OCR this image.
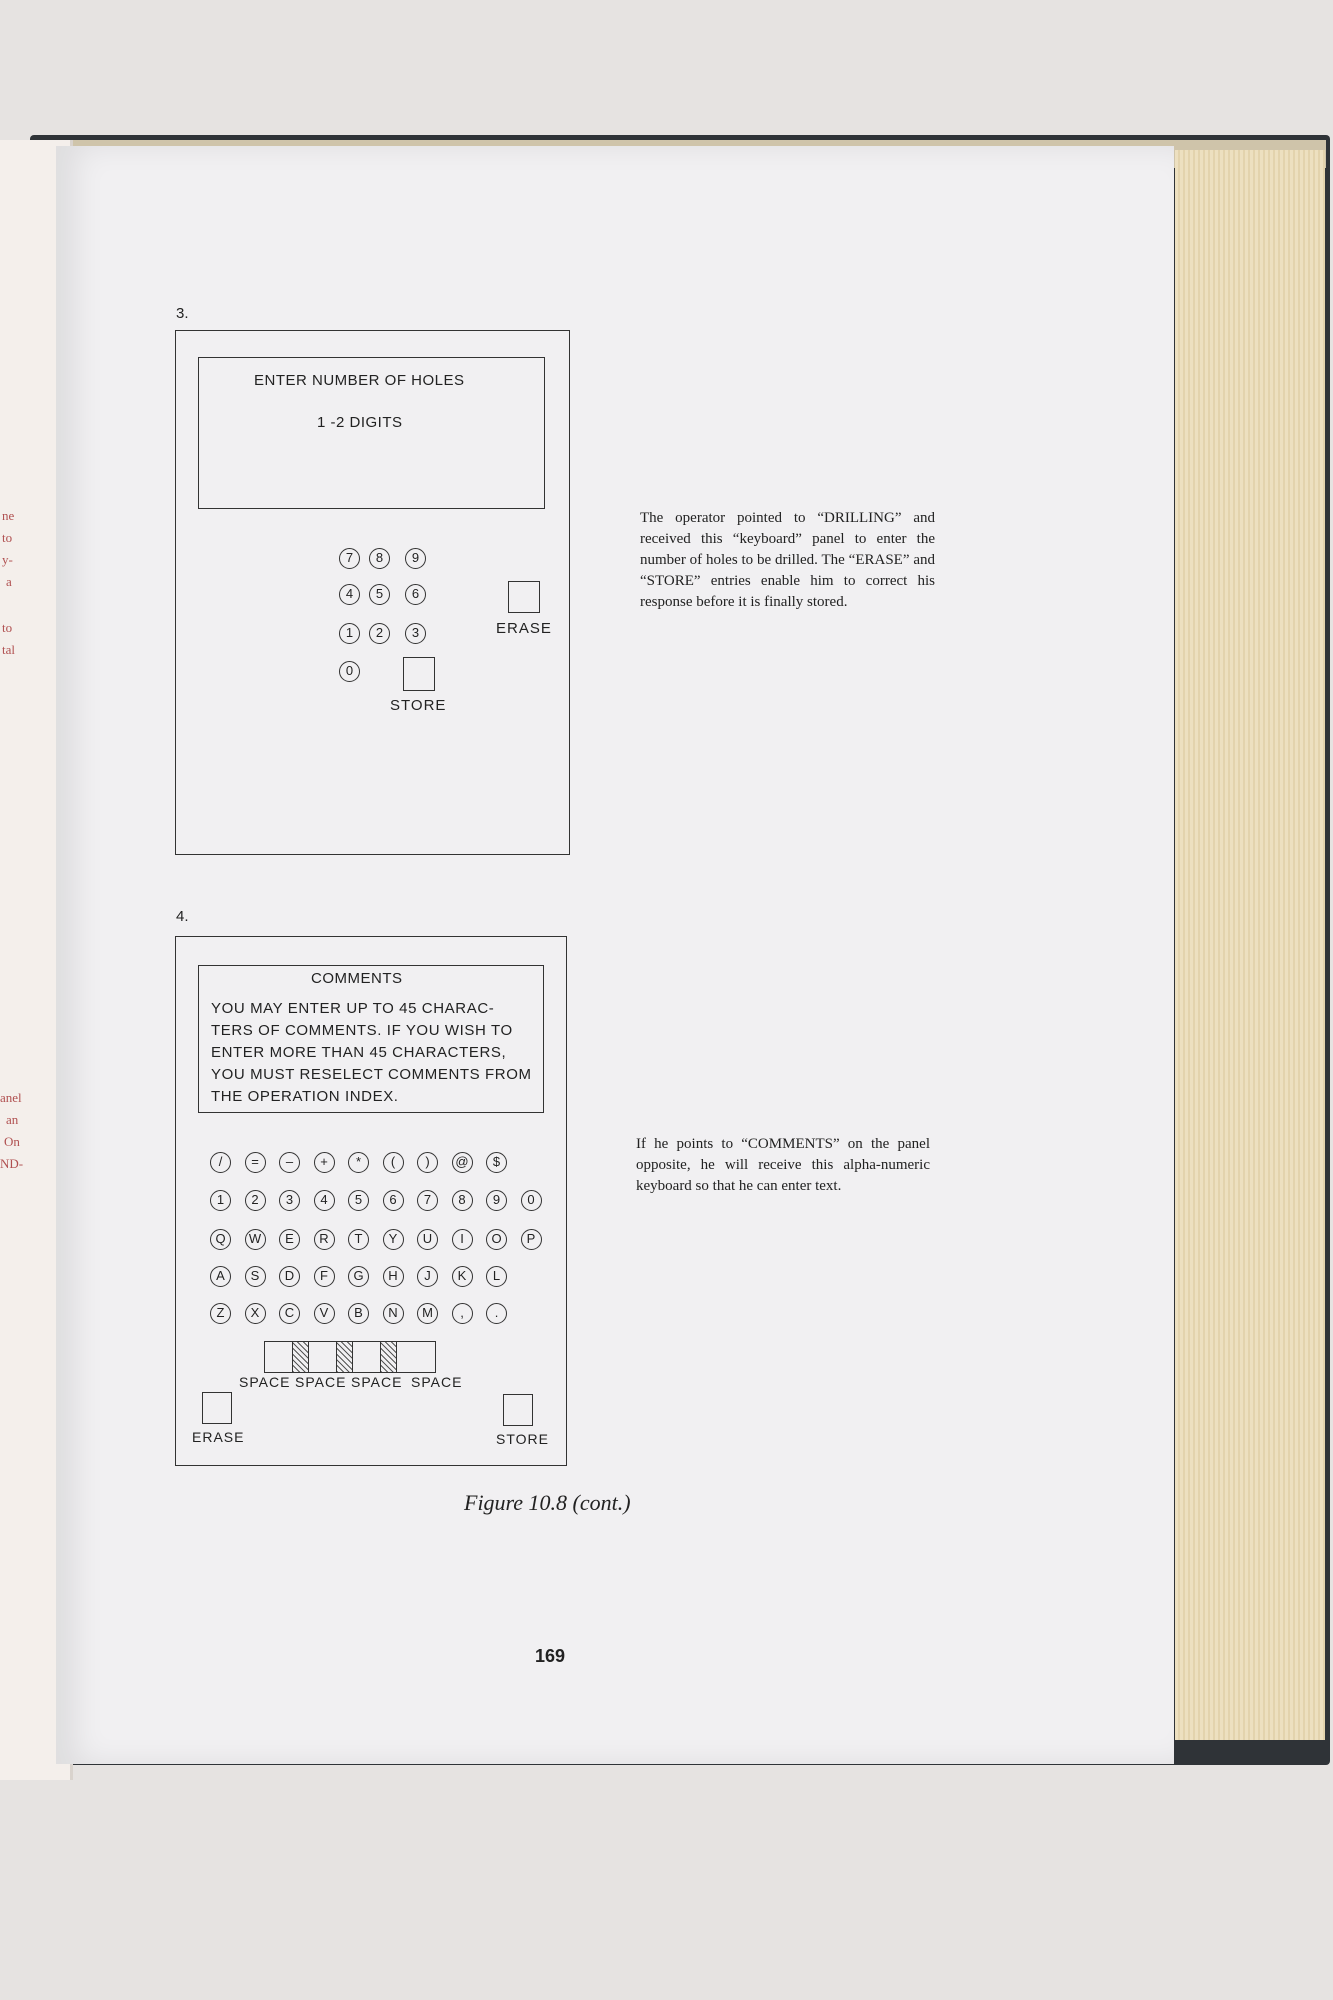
ne
to
y-
a
to
tal
anel
an
On
ND-
3.
ENTER NUMBER OF HOLES
1 -2 DIGITS
7	8	9
4	5	6
1	2	3
0
ERASE
STORE
The operator pointed to “DRILLING” and received this “keyboard” panel to enter the number of holes to be drilled. The “ERASE” and “STORE” entries enable him to correct his response before it is finally stored.
4.
COMMENTS
YOU MAY ENTER UP TO 45 CHARAC-
TERS OF COMMENTS. IF YOU WISH TO
ENTER MORE THAN 45 CHARACTERS,
YOU MUST RESELECT COMMENTS FROM
THE OPERATION INDEX.
/	=	–	+	*	(	)	@	$
1	2	3	4	5	6	7	8	9	0
Q	W	E	R	T	Y	U	I	O	P
A	S	D	F	G	H	J	K	L
Z	X	C	V	B	N	M	,	.
SPACE SPACE SPACE SPACE
ERASE	STORE
If he points to “COMMENTS” on the panel opposite, he will receive this alpha-numeric keyboard so that he can enter text.
Figure 10.8 (cont.)
169
